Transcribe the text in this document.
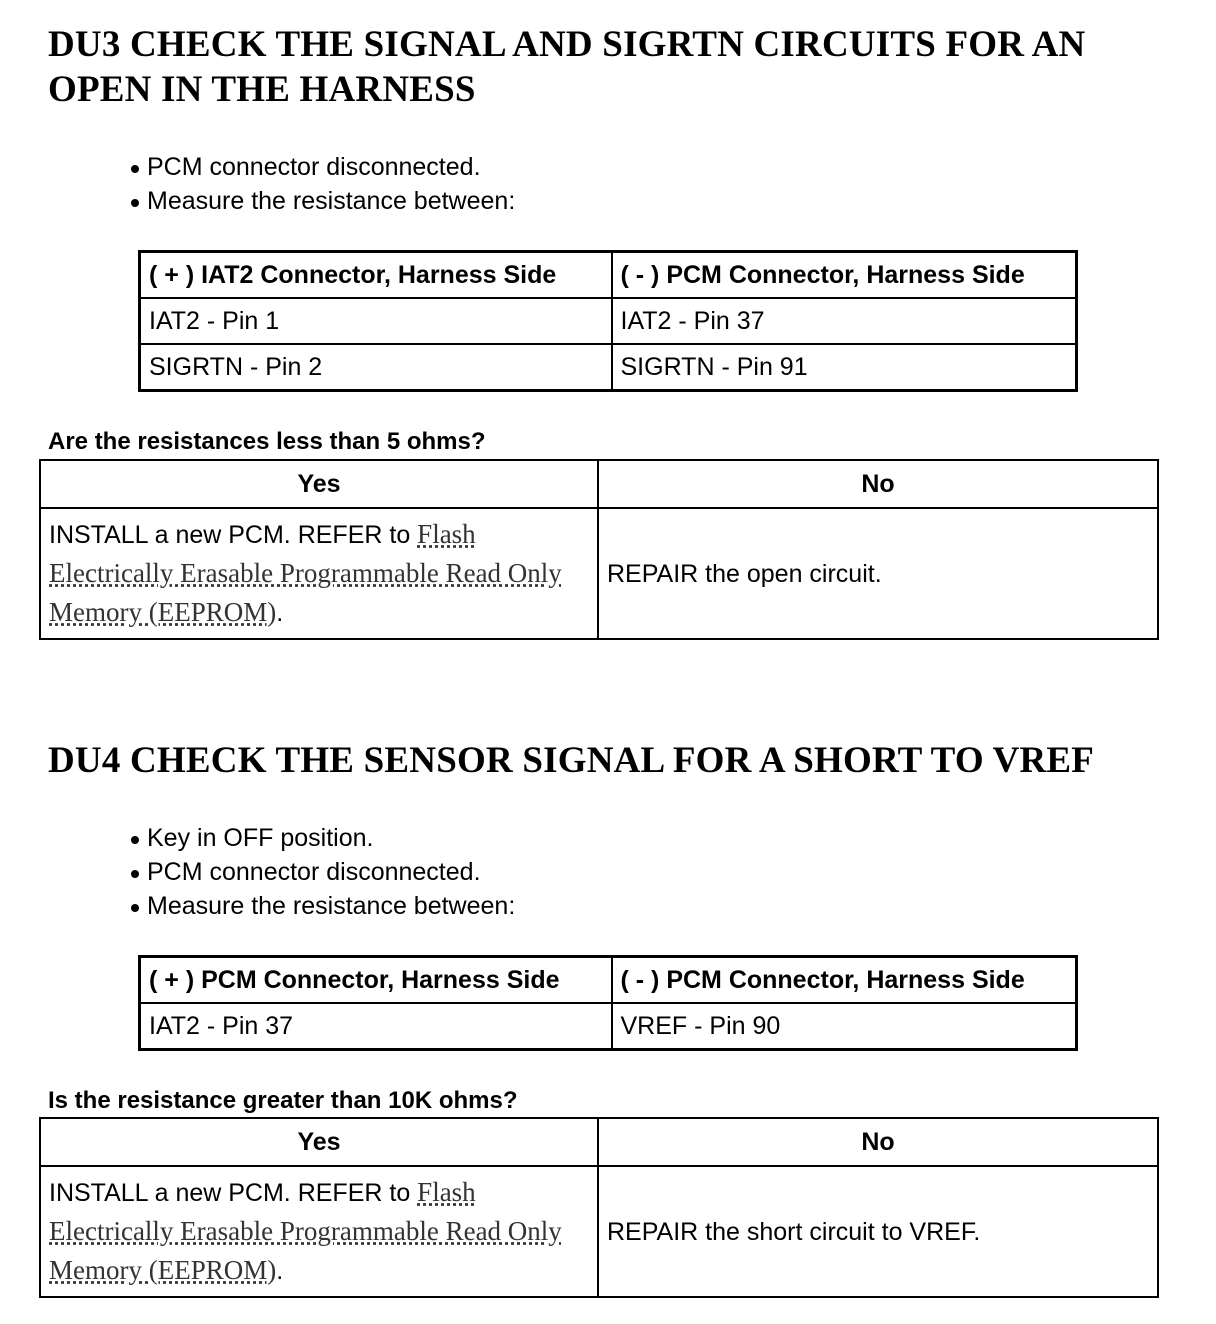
DU3 CHECK THE SIGNAL AND SIGRTN CIRCUITS FOR AN OPEN IN THE HARNESS
PCM connector disconnected.
Measure the resistance between:
( + ) IAT2 Connector, Harness Side	( - ) PCM Connector, Harness Side
IAT2 - Pin 1	IAT2 - Pin 37
SIGRTN - Pin 2	SIGRTN - Pin 91

Are the resistances less than 5 ohms?

Yes	No
INSTALL a new PCM. REFER to Flash Electrically Erasable Programmable Read Only Memory (EEPROM).	REPAIR the open circuit.
DU4 CHECK THE SENSOR SIGNAL FOR A SHORT TO VREF
Key in OFF position.
PCM connector disconnected.
Measure the resistance between:
( + ) PCM Connector, Harness Side	( - ) PCM Connector, Harness Side
IAT2 - Pin 37	VREF - Pin 90

Is the resistance greater than 10K ohms?

Yes	No
INSTALL a new PCM. REFER to Flash Electrically Erasable Programmable Read Only Memory (EEPROM).	REPAIR the short circuit to VREF.
